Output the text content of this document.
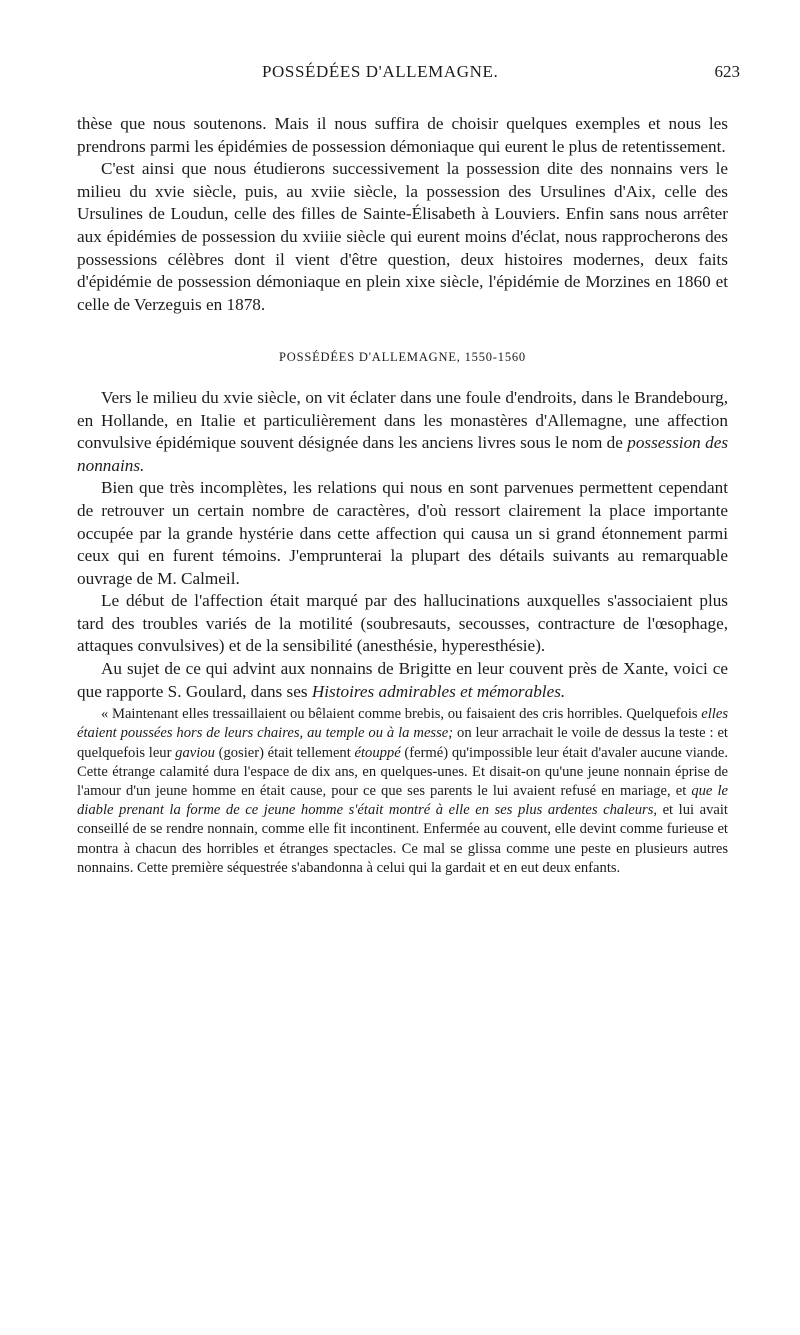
POSSÉDÉES D'ALLEMAGNE.	623

thèse que nous soutenons. Mais il nous suffira de choisir quelques exemples et nous les prendrons parmi les épidémies de possession démoniaque qui eurent le plus de retentissement.

C'est ainsi que nous étudierons successivement la possession dite des nonnains vers le milieu du xvie siècle, puis, au xviie siècle, la possession des Ursulines d'Aix, celle des Ursulines de Loudun, celle des filles de Sainte-Élisabeth à Louviers. Enfin sans nous arrêter aux épidémies de possession du xviiie siècle qui eurent moins d'éclat, nous rapprocherons des possessions célèbres dont il vient d'être question, deux histoires modernes, deux faits d'épidémie de possession démoniaque en plein xixe siècle, l'épidémie de Morzines en 1860 et celle de Verzeguis en 1878.

POSSÉDÉES D'ALLEMAGNE, 1550-1560

Vers le milieu du xvie siècle, on vit éclater dans une foule d'endroits, dans le Brandebourg, en Hollande, en Italie et particulièrement dans les monastères d'Allemagne, une affection convulsive épidémique souvent désignée dans les anciens livres sous le nom de possession des nonnains.

Bien que très incomplètes, les relations qui nous en sont parvenues permettent cependant de retrouver un certain nombre de caractères, d'où ressort clairement la place importante occupée par la grande hystérie dans cette affection qui causa un si grand étonnement parmi ceux qui en furent témoins. J'emprunterai la plupart des détails suivants au remarquable ouvrage de M. Calmeil.

Le début de l'affection était marqué par des hallucinations auxquelles s'associaient plus tard des troubles variés de la motilité (soubresauts, secousses, contracture de l'œsophage, attaques convulsives) et de la sensibilité (anesthésie, hyperesthésie).

Au sujet de ce qui advint aux nonnains de Brigitte en leur couvent près de Xante, voici ce que rapporte S. Goulard, dans ses Histoires admirables et mémorables.

« Maintenant elles tressaillaient ou bêlaient comme brebis, ou faisaient des cris horribles. Quelquefois elles étaient poussées hors de leurs chaires, au temple ou à la messe; on leur arrachait le voile de dessus la teste : et quelquefois leur gaviou (gosier) était tellement étouppé (fermé) qu'impossible leur était d'avaler aucune viande. Cette étrange calamité dura l'espace de dix ans, en quelques-unes. Et disait-on qu'une jeune nonnain éprise de l'amour d'un jeune homme en était cause, pour ce que ses parents le lui avaient refusé en mariage, et que le diable prenant la forme de ce jeune homme s'était montré à elle en ses plus ardentes chaleurs, et lui avait conseillé de se rendre nonnain, comme elle fit incontinent. Enfermée au couvent, elle devint comme furieuse et montra à chacun des horribles et étranges spectacles. Ce mal se glissa comme une peste en plusieurs autres nonnains. Cette première séquestrée s'abandonna à celui qui la gardait et en eut deux enfants.
